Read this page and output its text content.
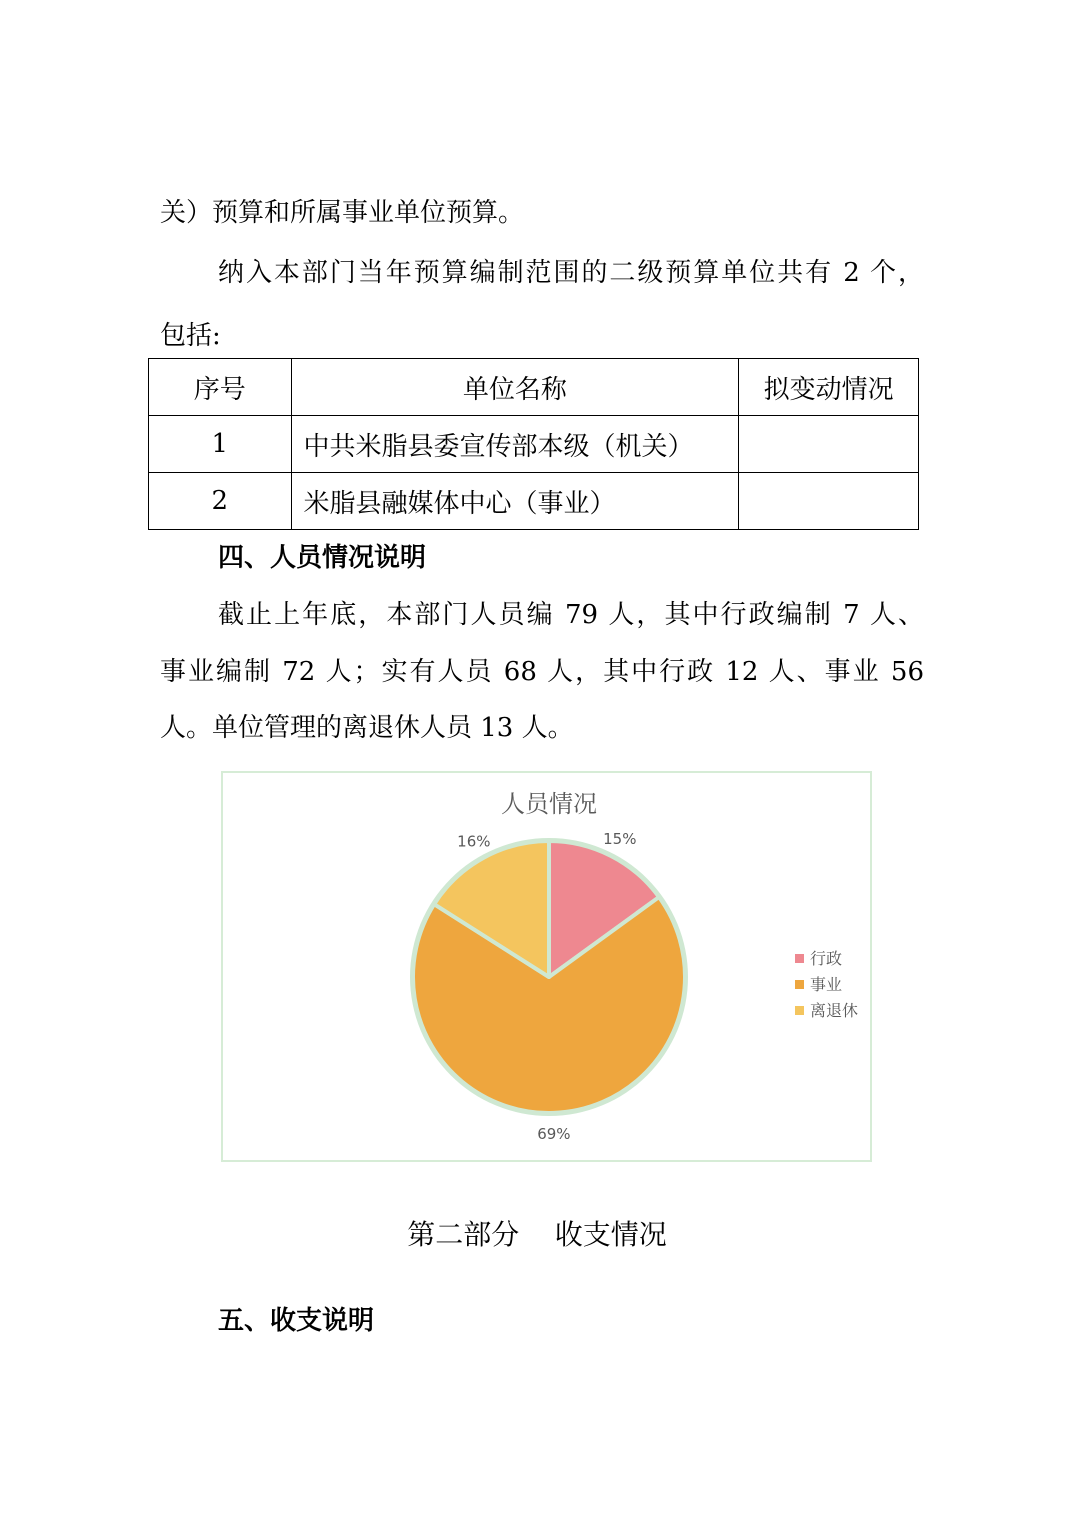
关）预算和所属事业单位预算。
纳入本部门当年预算编制范围的二级预算单位共有 2 个，
包括:
序号	单位名称	拟变动情况
1	中共米脂县委宣传部本级（机关）	
2	米脂县融媒体中心（事业）	
四、人员情况说明
截止上年底，本部门人员编 79 人，其中行政编制 7 人、
事业编制 72 人；实有人员 68 人，其中行政 12 人、事业 56
人。单位管理的离退休人员 13 人。
人员情况
15%
69%
16%
行政
事业
离退休
第二部分    收支情况
五、收支说明
